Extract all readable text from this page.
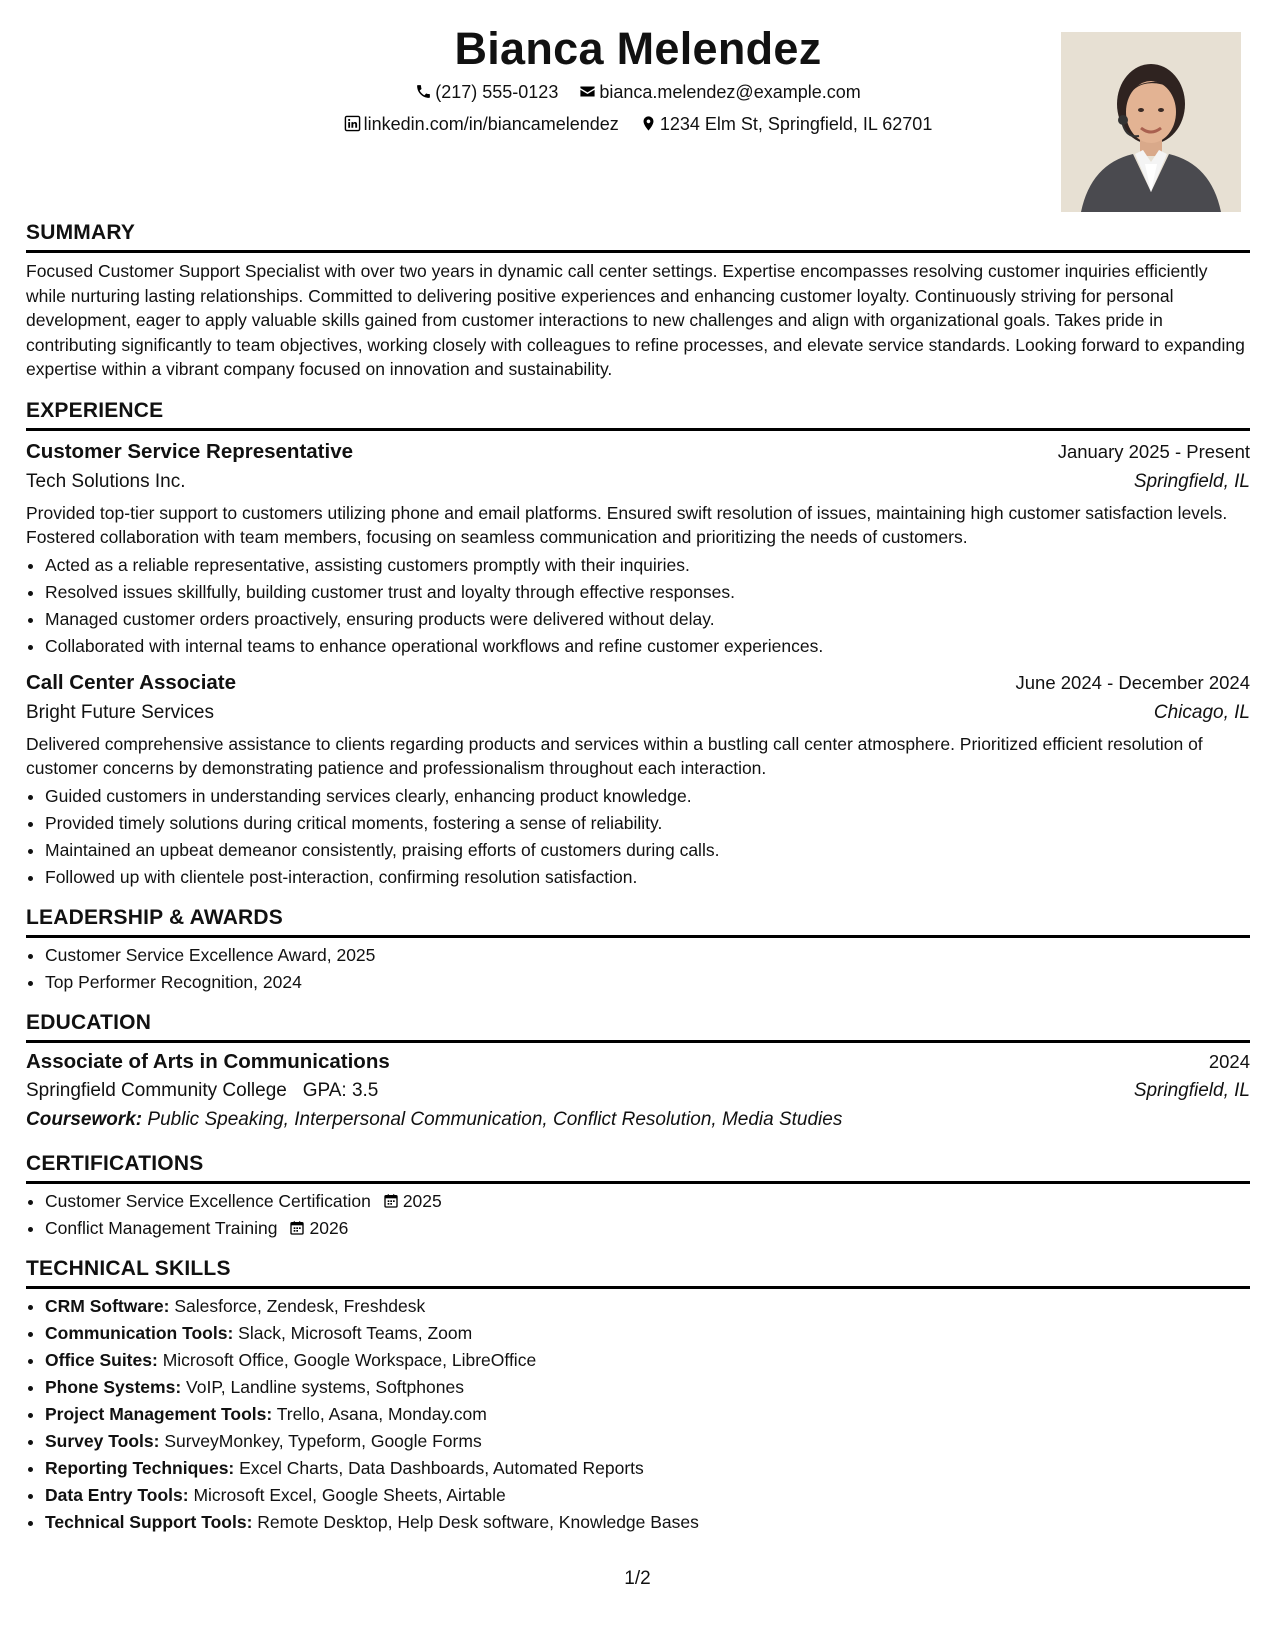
Bianca Melendez
(217) 555-0123 bianca.melendez@example.com
linkedin.com/in/biancamelendez 1234 Elm St, Springfield, IL 62701
SUMMARY

Focused Customer Support Specialist with over two years in dynamic call center settings. Expertise encompasses resolving customer inquiries efficiently while nurturing lasting relationships. Committed to delivering positive experiences and enhancing customer loyalty. Continuously striving for personal development, eager to apply valuable skills gained from customer interactions to new challenges and align with organizational goals. Takes pride in contributing significantly to team objectives, working closely with colleagues to refine processes, and elevate service standards. Looking forward to expanding expertise within a vibrant company focused on innovation and sustainability.

EXPERIENCE
Customer Service Representative	January 2025 - Present
Tech Solutions Inc.	Springfield, IL

Provided top-tier support to customers utilizing phone and email platforms. Ensured swift resolution of issues, maintaining high customer satisfaction levels. Fostered collaboration with team members, focusing on seamless communication and prioritizing the needs of customers.

• Acted as a reliable representative, assisting customers promptly with their inquiries.
• Resolved issues skillfully, building customer trust and loyalty through effective responses.
• Managed customer orders proactively, ensuring products were delivered without delay.
• Collaborated with internal teams to enhance operational workflows and refine customer experiences.
Call Center Associate	June 2024 - December 2024
Bright Future Services	Chicago, IL

Delivered comprehensive assistance to clients regarding products and services within a bustling call center atmosphere. Prioritized efficient resolution of customer concerns by demonstrating patience and professionalism throughout each interaction.

• Guided customers in understanding services clearly, enhancing product knowledge.
• Provided timely solutions during critical moments, fostering a sense of reliability.
• Maintained an upbeat demeanor consistently, praising efforts of customers during calls.
• Followed up with clientele post-interaction, confirming resolution satisfaction.
LEADERSHIP & AWARDS
• Customer Service Excellence Award, 2025
• Top Performer Recognition, 2024
EDUCATION
Associate of Arts in Communications	2024
Springfield Community College GPA: 3.5	Springfield, IL
Coursework: Public Speaking, Interpersonal Communication, Conflict Resolution, Media Studies
CERTIFICATIONS
• Customer Service Excellence Certification 2025
• Conflict Management Training 2026
TECHNICAL SKILLS
• CRM Software: Salesforce, Zendesk, Freshdesk
• Communication Tools: Slack, Microsoft Teams, Zoom
• Office Suites: Microsoft Office, Google Workspace, LibreOffice
• Phone Systems: VoIP, Landline systems, Softphones
• Project Management Tools: Trello, Asana, Monday.com
• Survey Tools: SurveyMonkey, Typeform, Google Forms
• Reporting Techniques: Excel Charts, Data Dashboards, Automated Reports
• Data Entry Tools: Microsoft Excel, Google Sheets, Airtable
• Technical Support Tools: Remote Desktop, Help Desk software, Knowledge Bases
1/2
